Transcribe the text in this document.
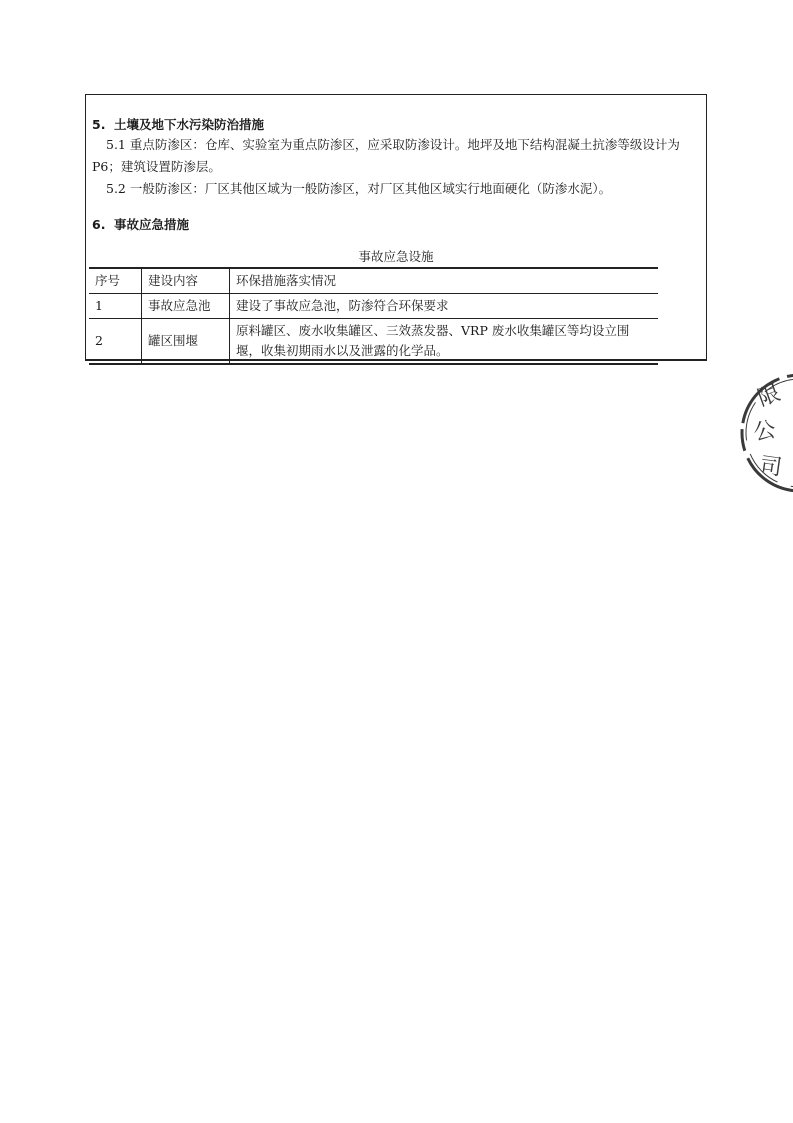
5. 土壤及地下水污染防治措施
5.1 重点防渗区：仓库、实验室为重点防渗区，应采取防渗设计。地坪及地下结构混凝土抗渗等级设计为 P6；建筑设置防渗层。
5.2 一般防渗区：厂区其他区域为一般防渗区，对厂区其他区域实行地面硬化（防渗水泥）。
6. 事故应急措施
事故应急设施
序号	建设内容	环保措施落实情况
1	事故应急池	建设了事故应急池，防渗符合环保要求
2	罐区围堰	原料罐区、废水收集罐区、三效蒸发器、VRP 废水收集罐区等均设立围堰，收集初期雨水以及泄露的化学品。
限
公
司
